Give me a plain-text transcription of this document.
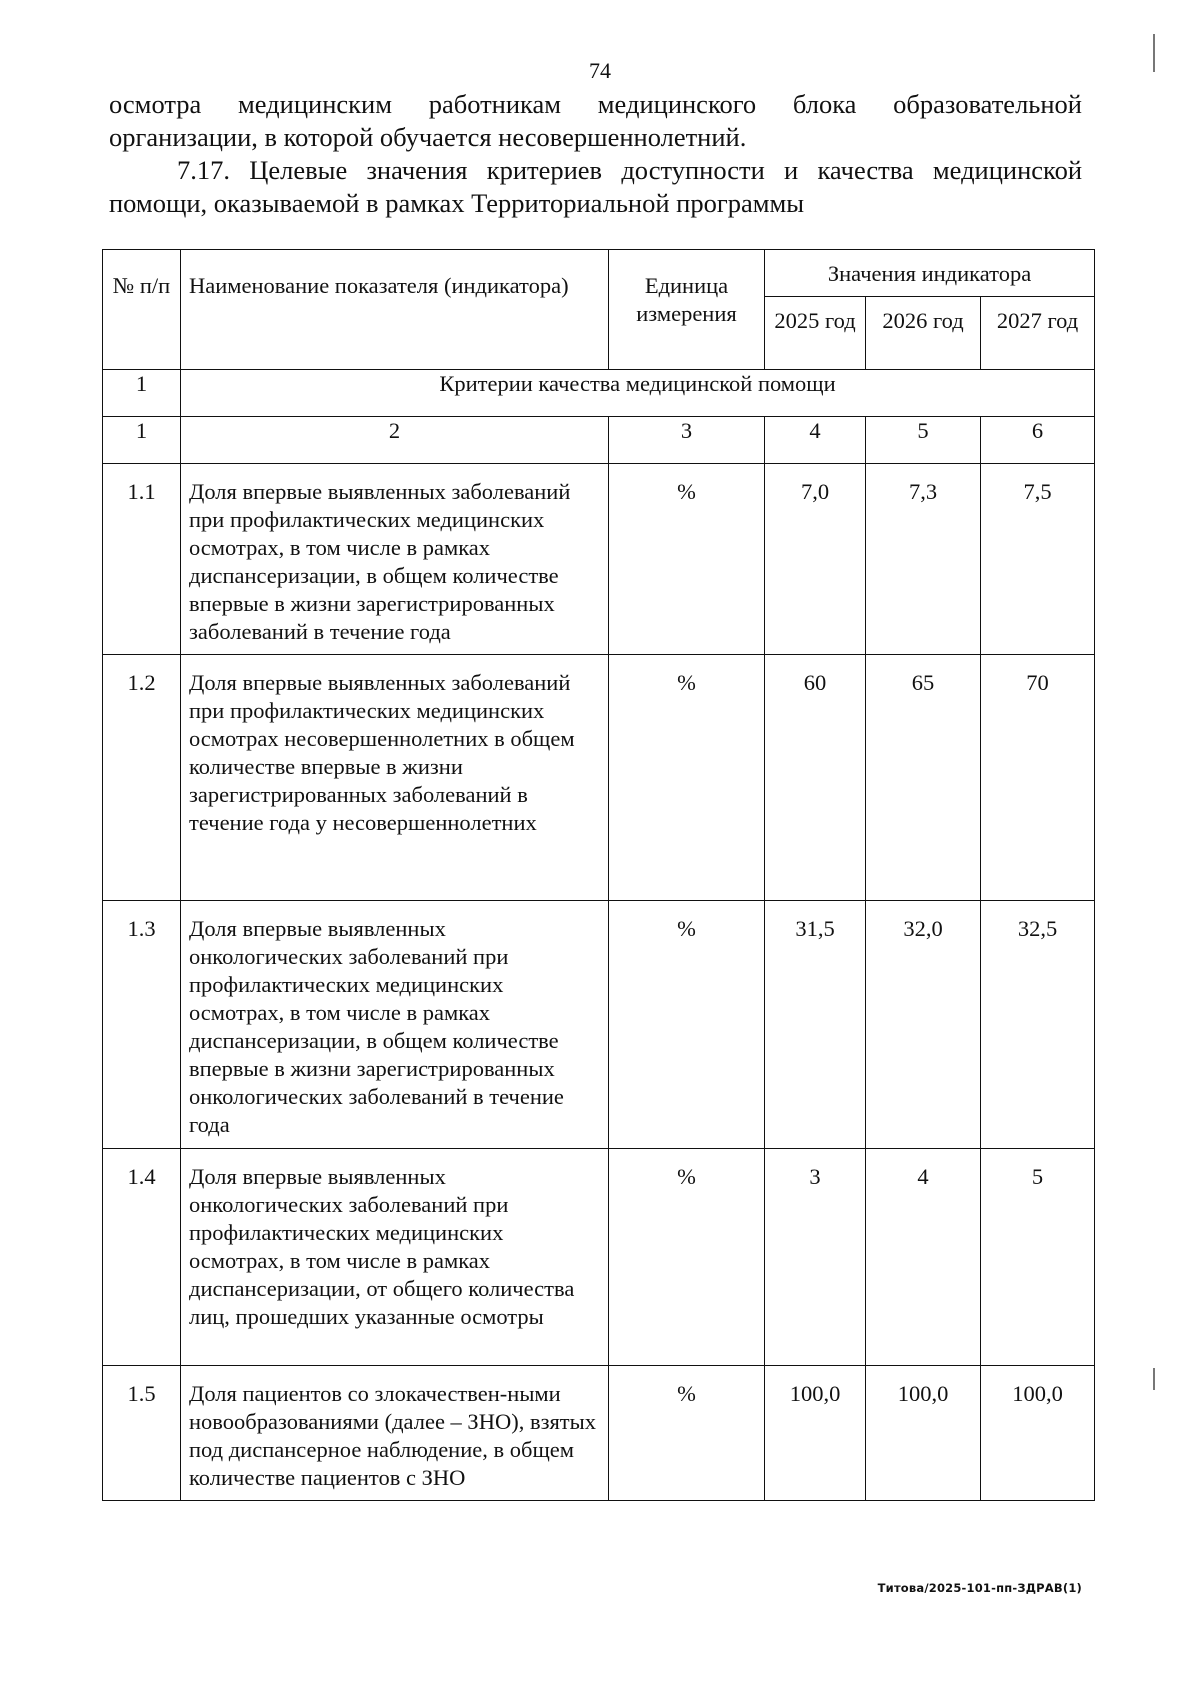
74

осмотра медицинским работникам медицинского блока образовательной

организации, в которой обучается несовершеннолетний.

7.17. Целевые значения критериев доступности и качества медицинской помощи, оказываемой в рамках Территориальной программы

№ п/п	Наименование показателя (индикатора)	Единица измерения	Значения индикатора		
			2025 год	2026 год	2027 год
1	Критерии качества медицинской помощи				
1	2	3	4	5	6
1.1	Доля впервые выявленных заболеваний при профилактических медицинских осмотрах, в том числе в рамках диспансеризации, в общем количестве впервые в жизни зарегистрированных заболеваний в течение года	%	7,0	7,3	7,5
1.2	Доля впервые выявленных заболеваний при профилактических медицинских осмотрах несовершеннолетних в общем количестве впервые в жизни зарегистрированных заболеваний в течение года у несовершеннолетних	%	60	65	70
1.3	Доля впервые выявленных онкологических заболеваний при профилактических медицинских осмотрах, в том числе в рамках диспансеризации, в общем количестве впервые в жизни зарегистрированных онкологических заболеваний в течение года	%	31,5	32,0	32,5
1.4	Доля впервые выявленных онкологических заболеваний при профилактических медицинских осмотрах, в том числе в рамках диспансеризации, от общего количества лиц, прошедших указанные осмотры	%	3	4	5
1.5	Доля пациентов со злокачествен-ными новообразованиями (далее – ЗНО), взятых под диспансерное наблюдение, в общем количестве пациентов с ЗНО	%	100,0	100,0	100,0
Титова/2025-101-пп-ЗДРАВ(1)
